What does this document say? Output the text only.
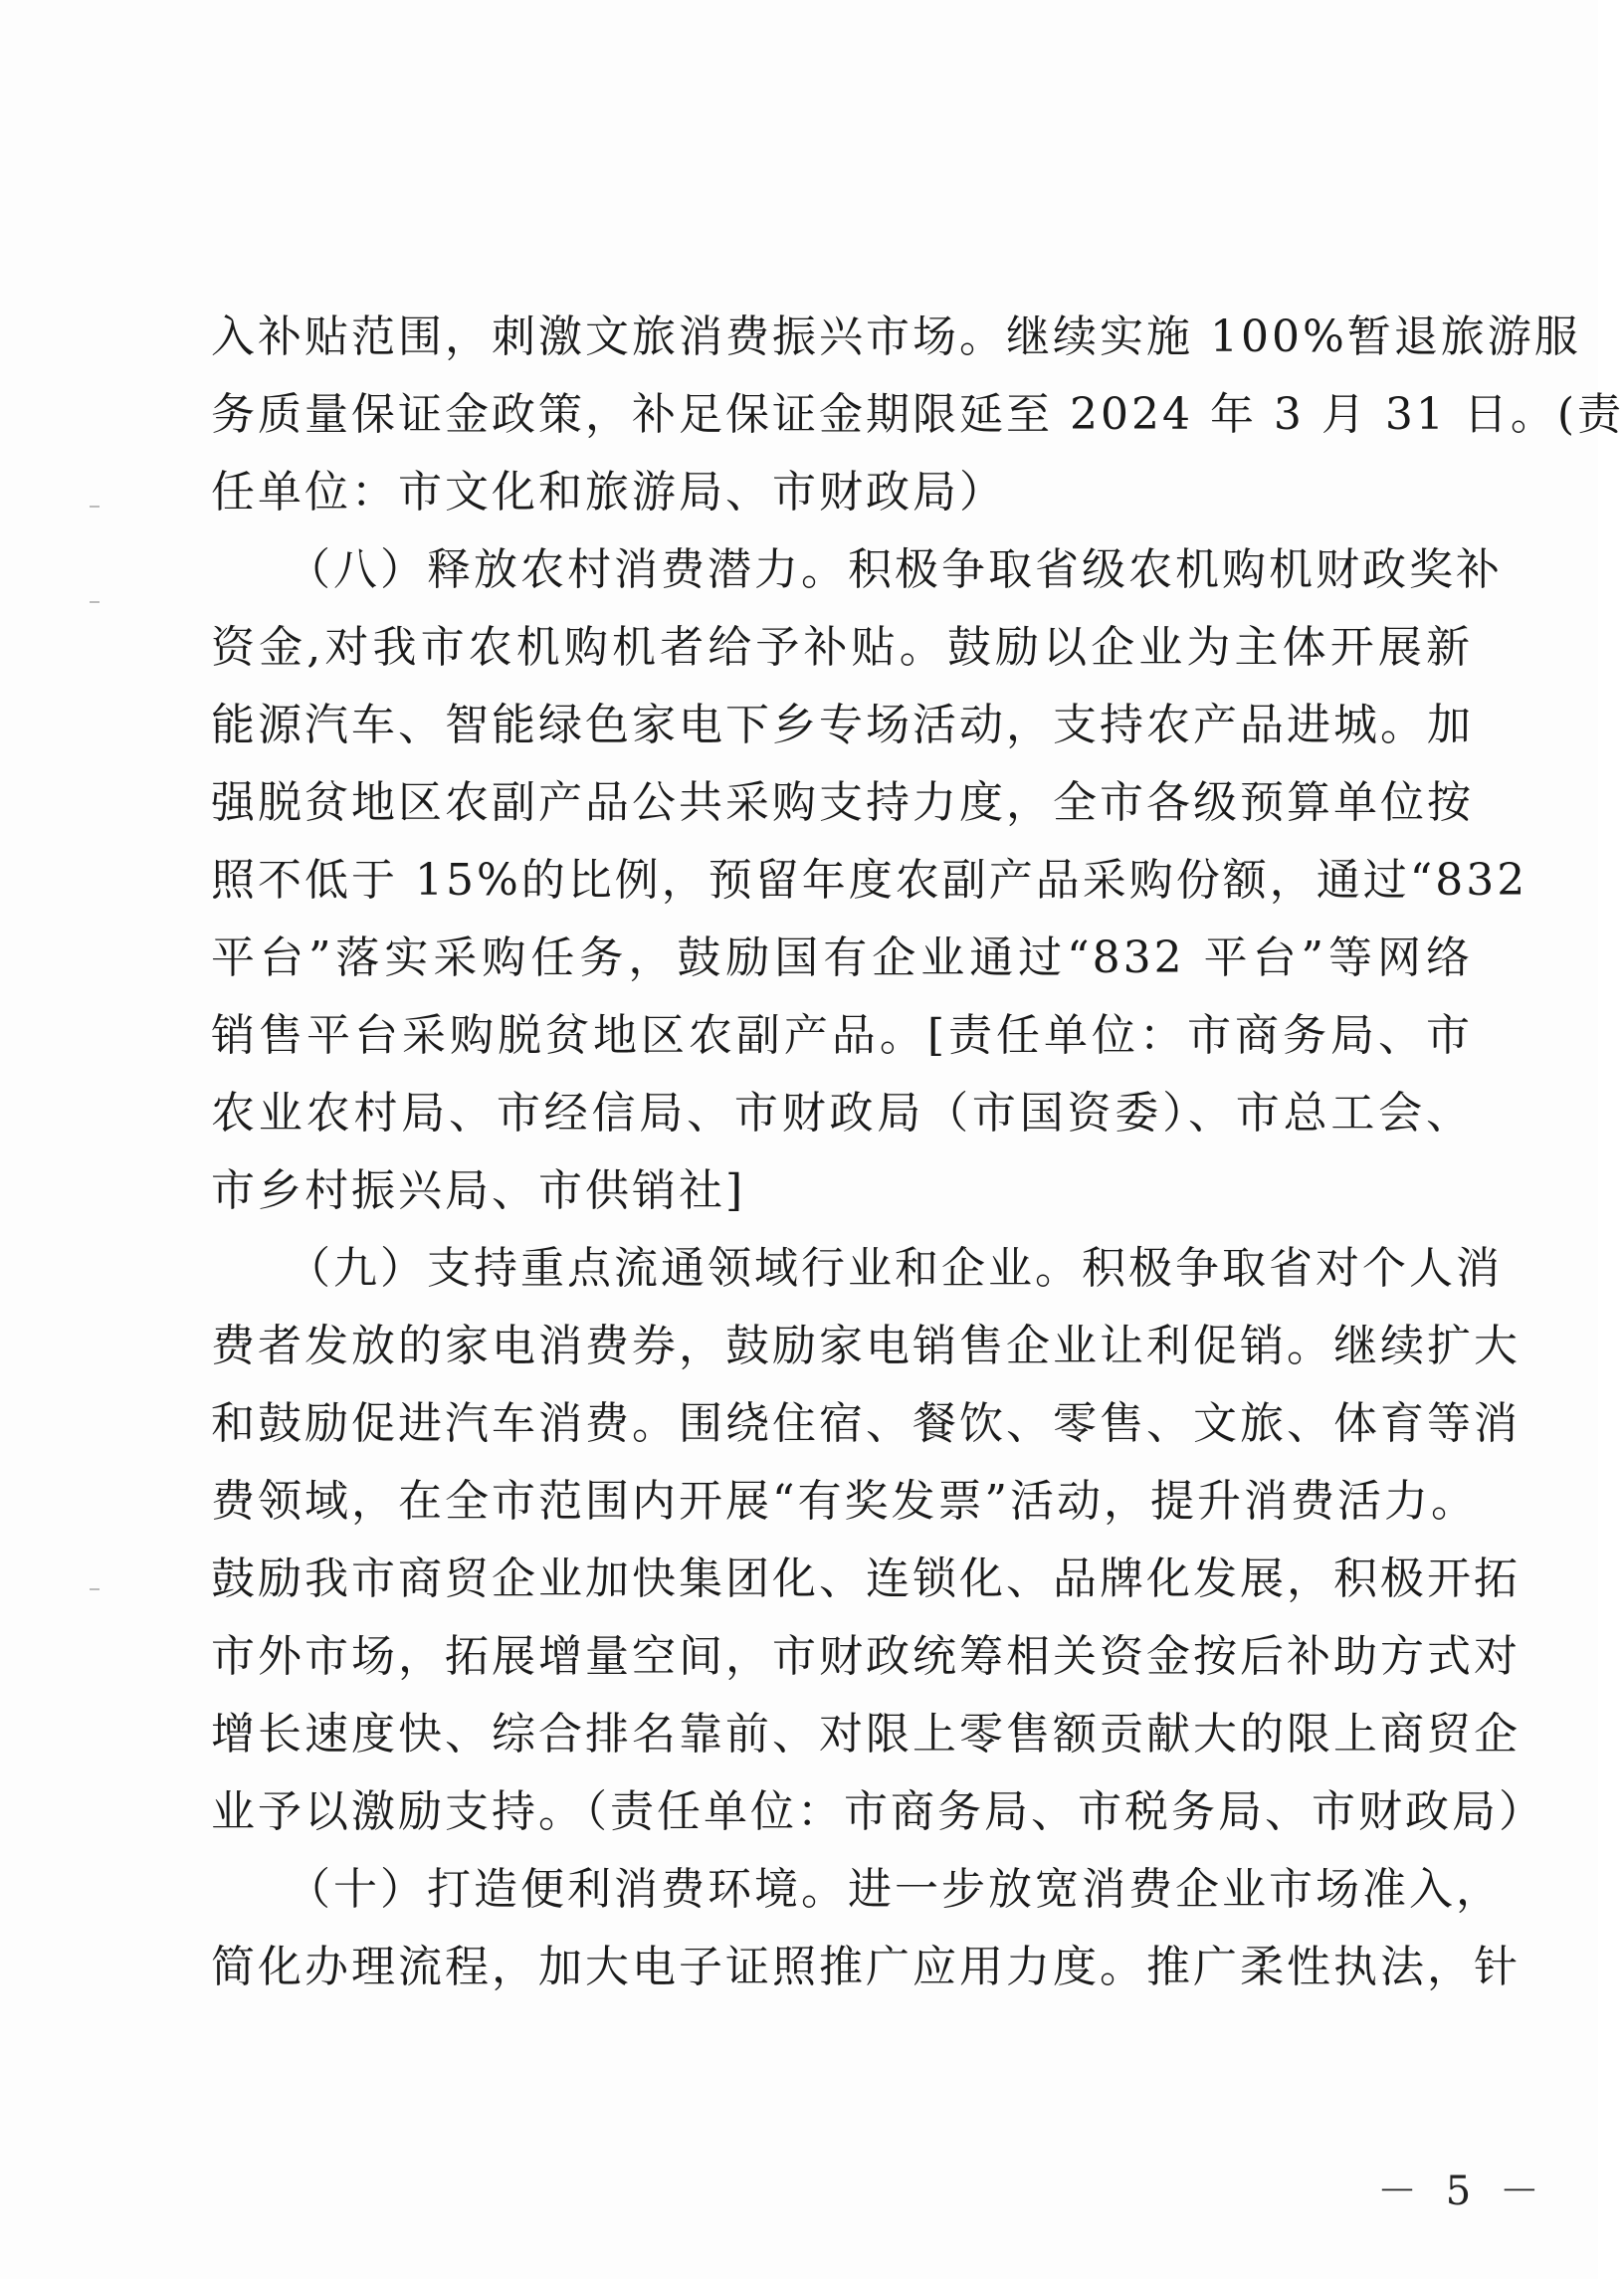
入补贴范围，刺激文旅消费振兴市场。继续实施 100%暂退旅游服
务质量保证金政策，补足保证金期限延至 2024 年 3 月 31 日。(责
任单位：市文化和旅游局、市财政局）
（八）释放农村消费潜力。积极争取省级农机购机财政奖补
资金,对我市农机购机者给予补贴。鼓励以企业为主体开展新
能源汽车、智能绿色家电下乡专场活动，支持农产品进城。加
强脱贫地区农副产品公共采购支持力度，全市各级预算单位按
照不低于 15%的比例，预留年度农副产品采购份额，通过“832
平台”落实采购任务，鼓励国有企业通过“832 平台”等网络
销售平台采购脱贫地区农副产品。[责任单位：市商务局、市
农业农村局、市经信局、市财政局（市国资委）、市总工会、
市乡村振兴局、市供销社]
（九）支持重点流通领域行业和企业。积极争取省对个人消
费者发放的家电消费券，鼓励家电销售企业让利促销。继续扩大
和鼓励促进汽车消费。围绕住宿、餐饮、零售、文旅、体育等消
费领域，在全市范围内开展“有奖发票”活动，提升消费活力。
鼓励我市商贸企业加快集团化、连锁化、品牌化发展，积极开拓
市外市场，拓展增量空间，市财政统筹相关资金按后补助方式对
增长速度快、综合排名靠前、对限上零售额贡献大的限上商贸企
业予以激励支持。（责任单位：市商务局、市税务局、市财政局）
（十）打造便利消费环境。进一步放宽消费企业市场准入，
简化办理流程，加大电子证照推广应用力度。推广柔性执法，针
－ 5 －
